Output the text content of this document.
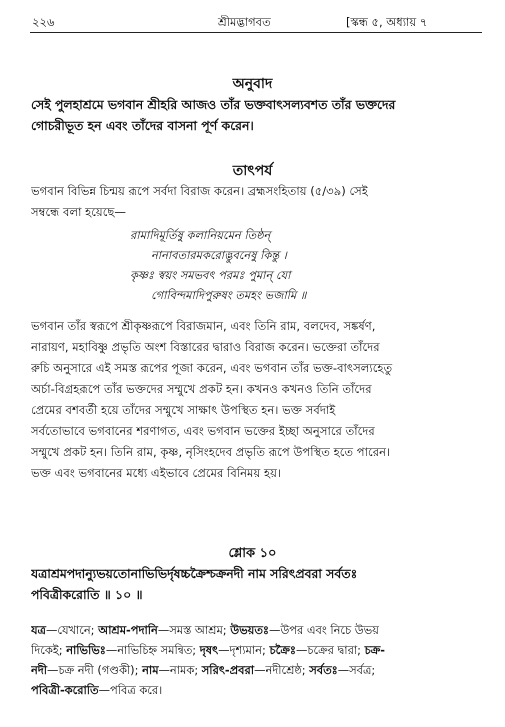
২২৬	শ্রীমদ্ভাগবত	[স্কন্ধ ৫, অধ্যায় ৭
অনুবাদ
সেই পুলহাশ্রমে ভগবান শ্রীহরি আজও তাঁর ভক্তবাৎসল্যবশত তাঁর ভক্তদের
গোচরীভূত হন এবং তাঁদের বাসনা পূর্ণ করেন।
তাৎপর্য
ভগবান বিভিন্ন চিন্ময় রূপে সর্বদা বিরাজ করেন। ব্রহ্মসংহিতায় (৫/৩৯) সেই
সম্বন্ধে বলা হয়েছে—
রামাদিমূর্তিষু কলানিয়মেন তিষ্ঠন্
নানাবতারমকরোদ্ভুবনেষু কিন্তু ।
কৃষ্ণঃ স্বয়ং সমভবৎ পরমঃ পুমান্ যো
গোবিন্দমাদিপুরুষং তমহং ভজামি ॥
ভগবান তাঁর স্বরূপে শ্রীকৃষ্ণরূপে বিরাজমান, এবং তিনি রাম, বলদেব, সঙ্কর্ষণ,
নারায়ণ, মহাবিষ্ণু প্রভৃতি অংশ বিস্তারের দ্বারাও বিরাজ করেন। ভক্তেরা তাঁদের
রুচি অনুসারে এই সমস্ত রূপের পূজা করেন, এবং ভগবান তাঁর ভক্ত-বাৎসল্যহেতু
অর্চা-বিগ্রহরূপে তাঁর ভক্তদের সম্মুখে প্রকট হন। কখনও কখনও তিনি তাঁদের
প্রেমের বশবর্তী হয়ে তাঁদের সম্মুখে সাক্ষাৎ উপস্থিত হন। ভক্ত সর্বদাই
সর্বতোভাবে ভগবানের শরণাগত, এবং ভগবান ভক্তের ইচ্ছা অনুসারে তাঁদের
সম্মুখে প্রকট হন। তিনি রাম, কৃষ্ণ, নৃসিংহদেব প্রভৃতি রূপে উপস্থিত হতে পারেন।
ভক্ত এবং ভগবানের মধ্যে এইভাবে প্রেমের বিনিময় হয়।
শ্লোক ১০
যত্রাশ্রমপদান্যুভয়তোনাভিভির্দৃষচ্চক্রৈশ্চক্রনদী নাম সরিৎপ্রবরা সর্বতঃ
পবিত্রীকরোতি ॥ ১০ ॥
যত্র—যেখানে; আশ্রম-পদানি—সমস্ত আশ্রম; উভয়তঃ—উপর এবং নিচে উভয়
দিকেই; নাভিভিঃ—নাভিচিহ্ন সমন্বিত; দৃষৎ—দৃশ্যমান; চক্রৈঃ—চক্রের দ্বারা; চক্র-
নদী—চক্র নদী (গণ্ডকী); নাম—নামক; সরিৎ-প্রবরা—নদীশ্রেষ্ঠ; সর্বতঃ—সর্বত্র;
পবিত্রী-করোতি—পবিত্র করে।
